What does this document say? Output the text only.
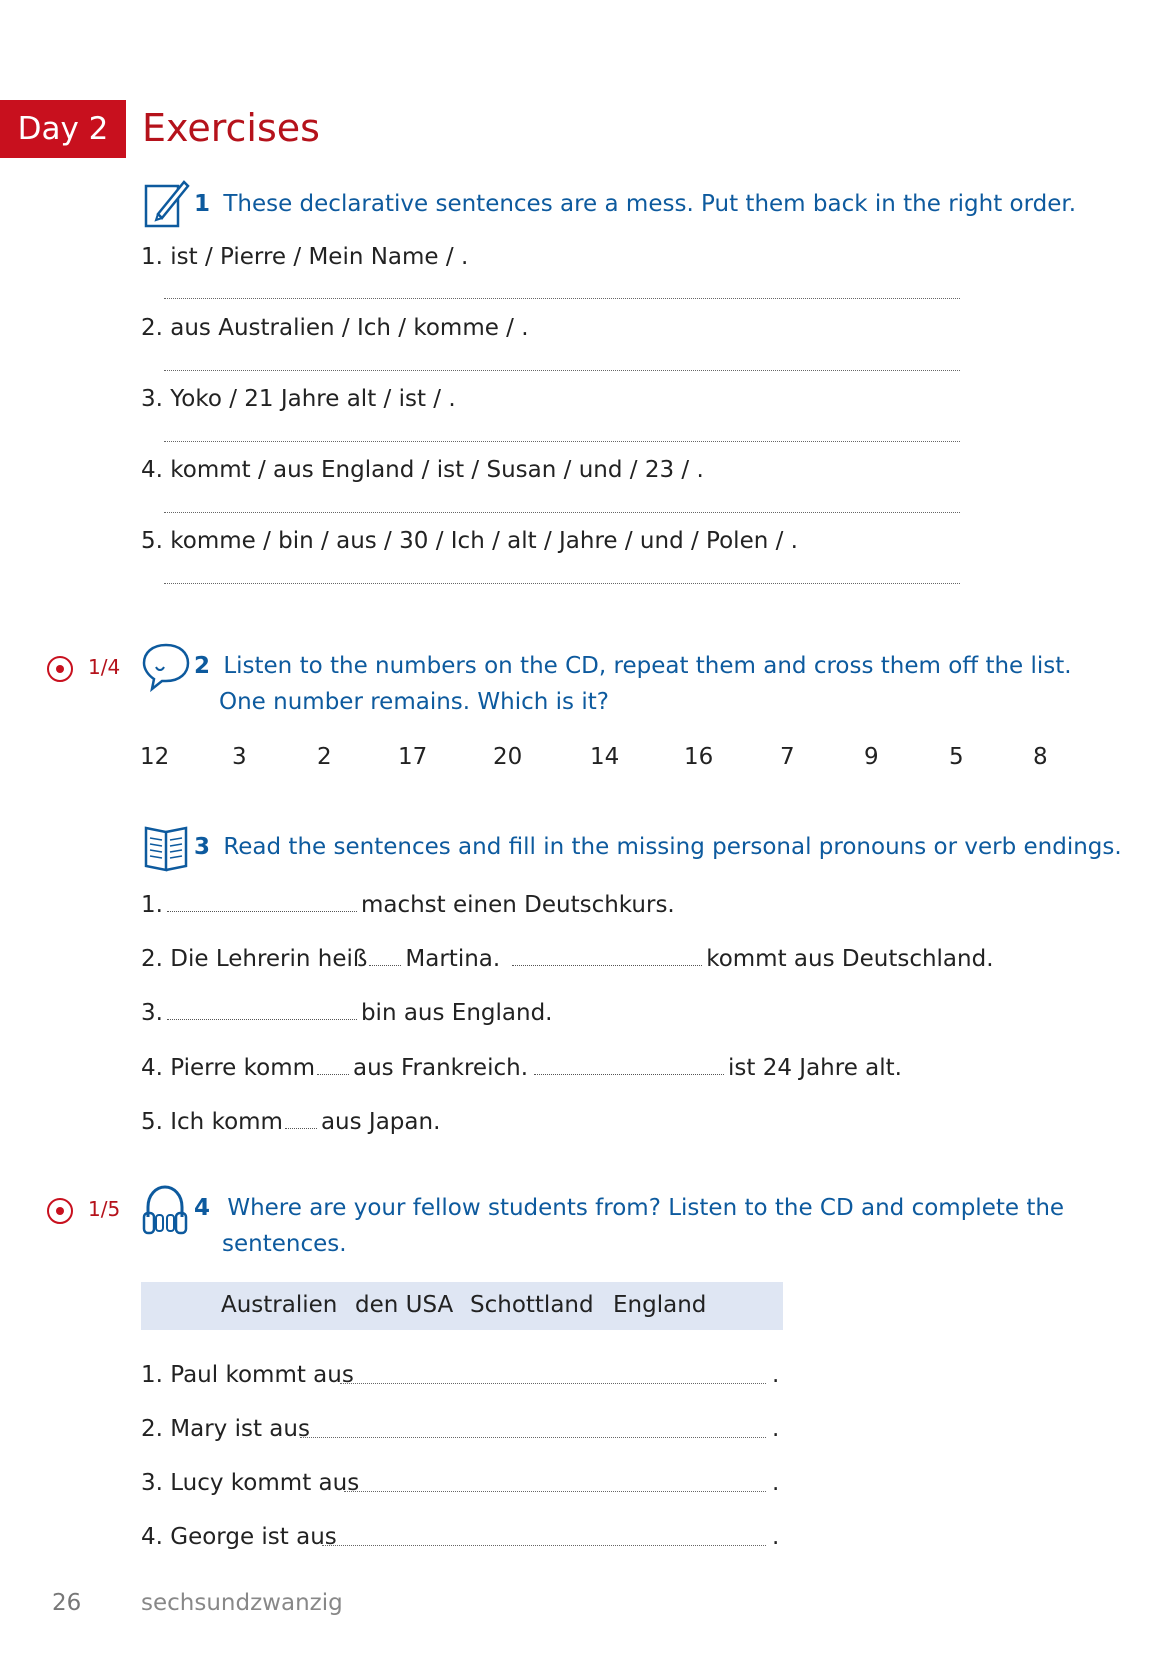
Day 2 Exercises
1 These declarative sentences are a mess. Put them back in the right order.
1. ist / Pierre / Mein Name / .
2. aus Australien / Ich / komme / .
3. Yoko / 21 Jahre alt / ist / .
4. kommt / aus England / ist / Susan / und / 23 / .
5. komme / bin / aus / 30 / Ich / alt / Jahre / und / Polen / .
1/4	2 Listen to the numbers on the CD, repeat them and cross them off the list.
One number remains. Which is it?
12	3	2	17	20	14	16	7	9	5	8
3 Read the sentences and fill in the missing personal pronouns or verb endings.
1.	machst einen Deutschkurs.
2. Die Lehrerin heiß Martina.	kommt aus Deutschland.
3.	bin aus England.
4. Pierre komm aus Frankreich.	ist 24 Jahre alt.
5. Ich komm aus Japan.
1/5	4 Where are your fellow students from? Listen to the CD and complete the
sentences.
Australien den USA Schottland England
1. Paul kommt aus	.
2. Mary ist aus	.
3. Lucy kommt aus	.
4. George ist aus	.
26	sechsundzwanzig
